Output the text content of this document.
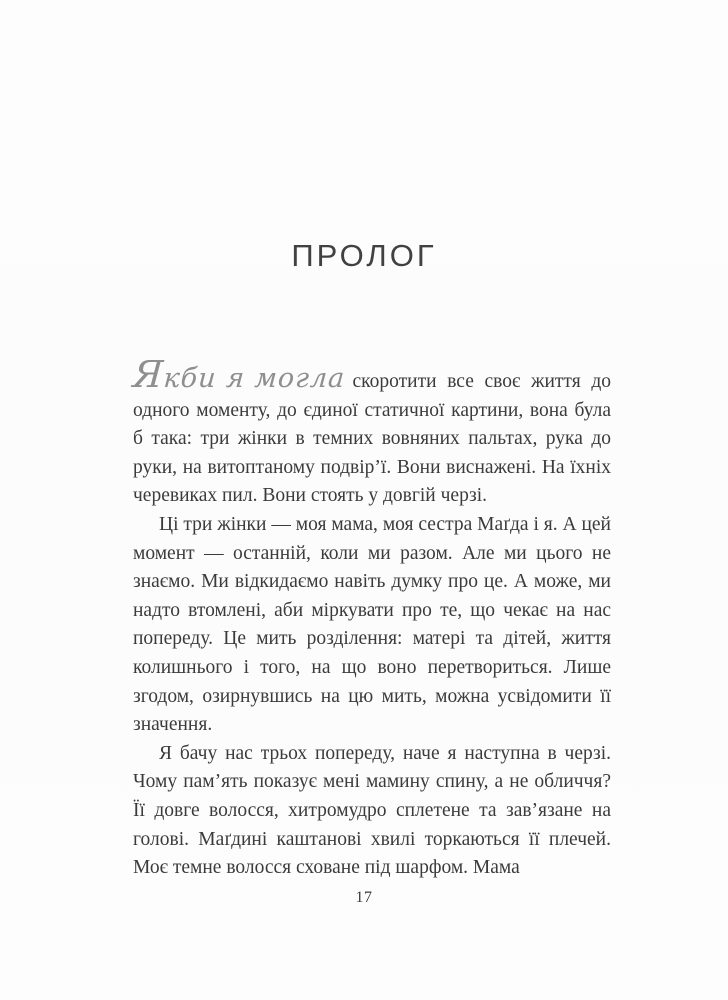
ПРОЛОГ

Якби я могла скоротити все своє життя до одного моменту, до єдиної статичної картини, вона була б така: три жінки в темних вовняних пальтах, рука до руки, на витоптаному подвір’ї. Вони виснажені. На їхніх черевиках пил. Вони стоять у довгій черзі.

Ці три жінки — моя мама, моя сестра Маґда і я. А цей момент — останній, коли ми разом. Але ми цього не знаємо. Ми відкидаємо навіть думку про це. А може, ми надто втомлені, аби міркувати про те, що чекає на нас попереду. Це мить розділення: матері та дітей, життя колишнього і того, на що воно перетвориться. Лише згодом, озирнувшись на цю мить, можна усвідомити її значення.

Я бачу нас трьох попереду, наче я наступна в черзі. Чому пам’ять показує мені мамину спину, а не обличчя? Її довге волосся, хитромудро сплетене та зав’язане на голові. Маґдині каштанові хвилі торкаються її плечей. Моє темне волосся сховане під шарфом. Мама

17
